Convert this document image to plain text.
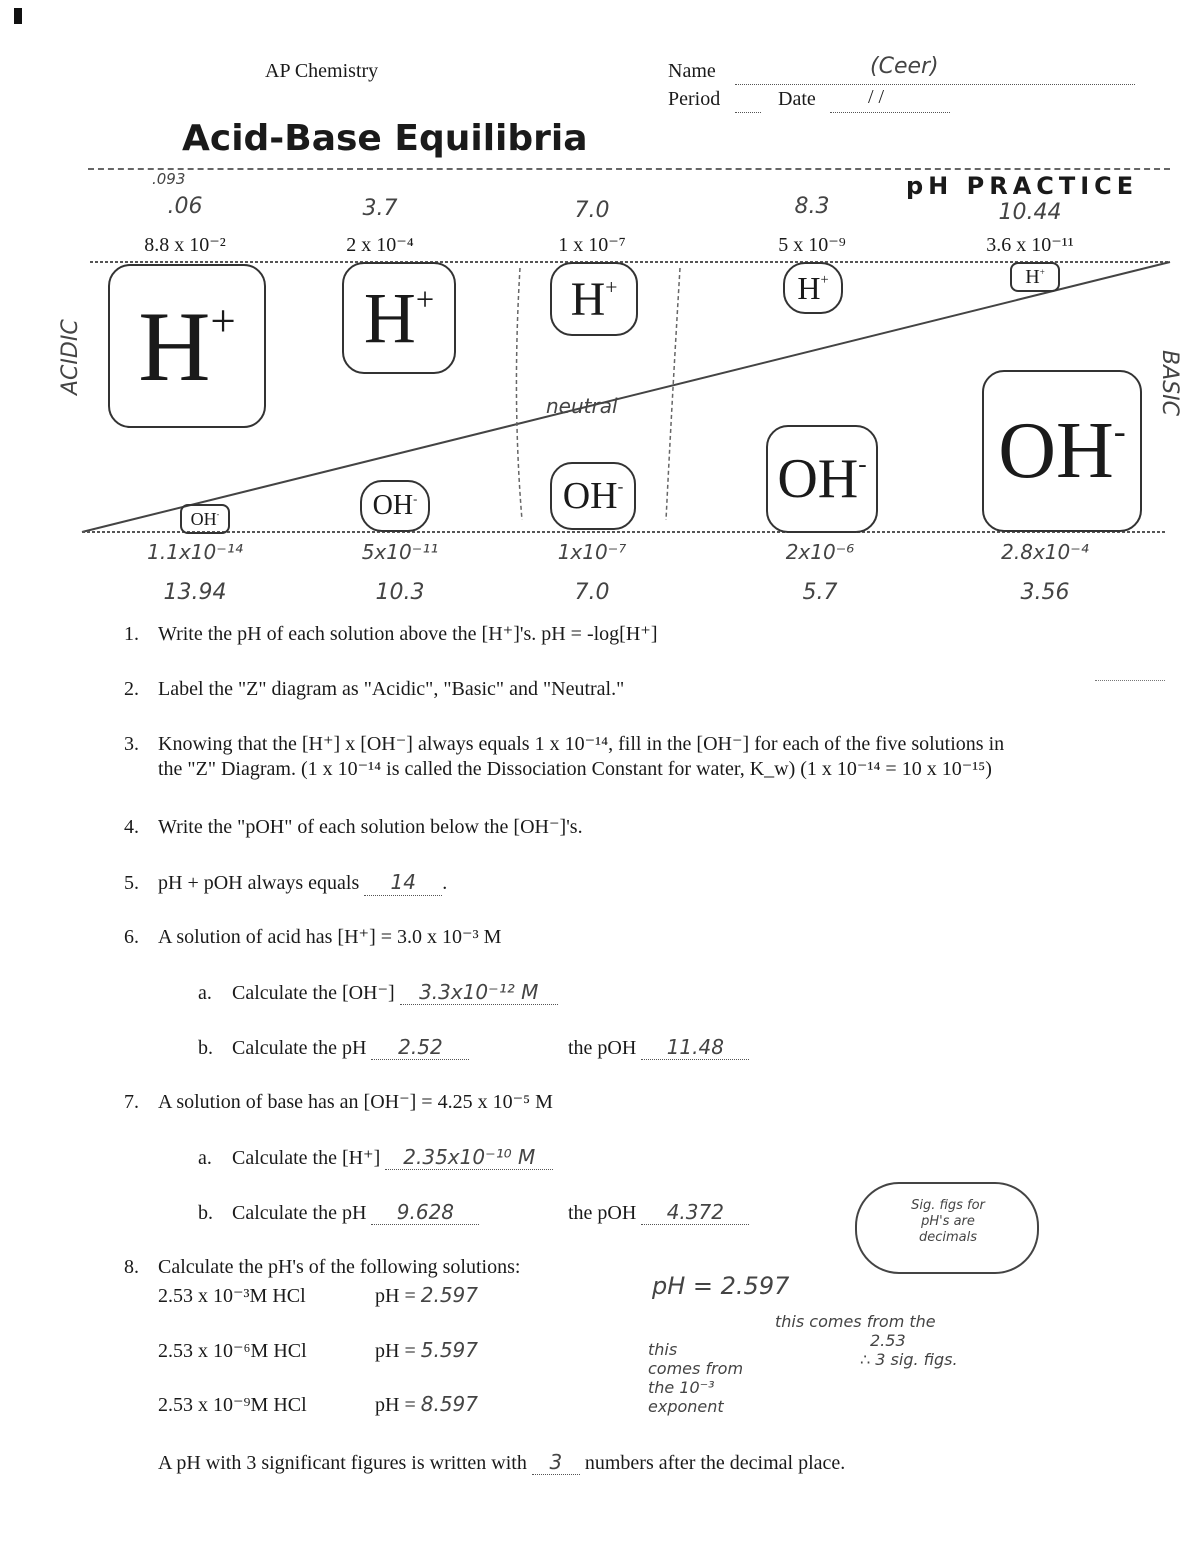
AP Chemistry	Name	(Ceer)
Period	Date	/ /
Acid-Base Equilibria
pH PRACTICE
.093
.06	3.7	7.0	8.3	10.44
8.8 x 10⁻²	2 x 10⁻⁴	1 x 10⁻⁷	5 x 10⁻⁹	3.6 x 10⁻¹¹
H+ H+	H+	H+	H+
OH-	OH-	OH-	OH- OH-
ACIDIC	BASIC
neutral
1.1x10⁻¹⁴	5x10⁻¹¹	1x10⁻⁷	2x10⁻⁶	2.8x10⁻⁴
13.94	10.3	7.0	5.7	3.56
1. Write the pH of each solution above the [H⁺]'s. pH = -log[H⁺]
2. Label the "Z" diagram as "Acidic", "Basic" and "Neutral."
3. Knowing that the [H⁺] x [OH⁻] always equals 1 x 10⁻¹⁴, fill in the [OH⁻] for each of the five solutions in
the "Z" Diagram. (1 x 10⁻¹⁴ is called the Dissociation Constant for water, K_w) (1 x 10⁻¹⁴ = 10 x 10⁻¹⁵)
4. Write the "pOH" of each solution below the [OH⁻]'s.
5. pH + pOH always equals 14 .
6. A solution of acid has [H⁺] = 3.0 x 10⁻³ M
a. Calculate the [OH⁻] 3.3x10⁻¹² M
b. Calculate the pH 2.52	the pOH 11.48
7. A solution of base has an [OH⁻] = 4.25 x 10⁻⁵ M
a. Calculate the [H⁺] 2.35x10⁻¹⁰ M
b. Calculate the pH 9.628	the pOH 4.372	Sig. figs for
pH's are
decimals
8. Calculate the pH's of the following solutions:
2.53 x 10⁻³M HCl	pH = 2.597
2.53 x 10⁻⁶M HCl	pH = 5.597
2.53 x 10⁻⁹M HCl	pH = 8.597
pH = 2.597
this
comes from
the 10⁻³
exponent
this comes from the
2.53
∴ 3 sig. figs.
A pH with 3 significant figures is written with 3 numbers after the decimal place.
